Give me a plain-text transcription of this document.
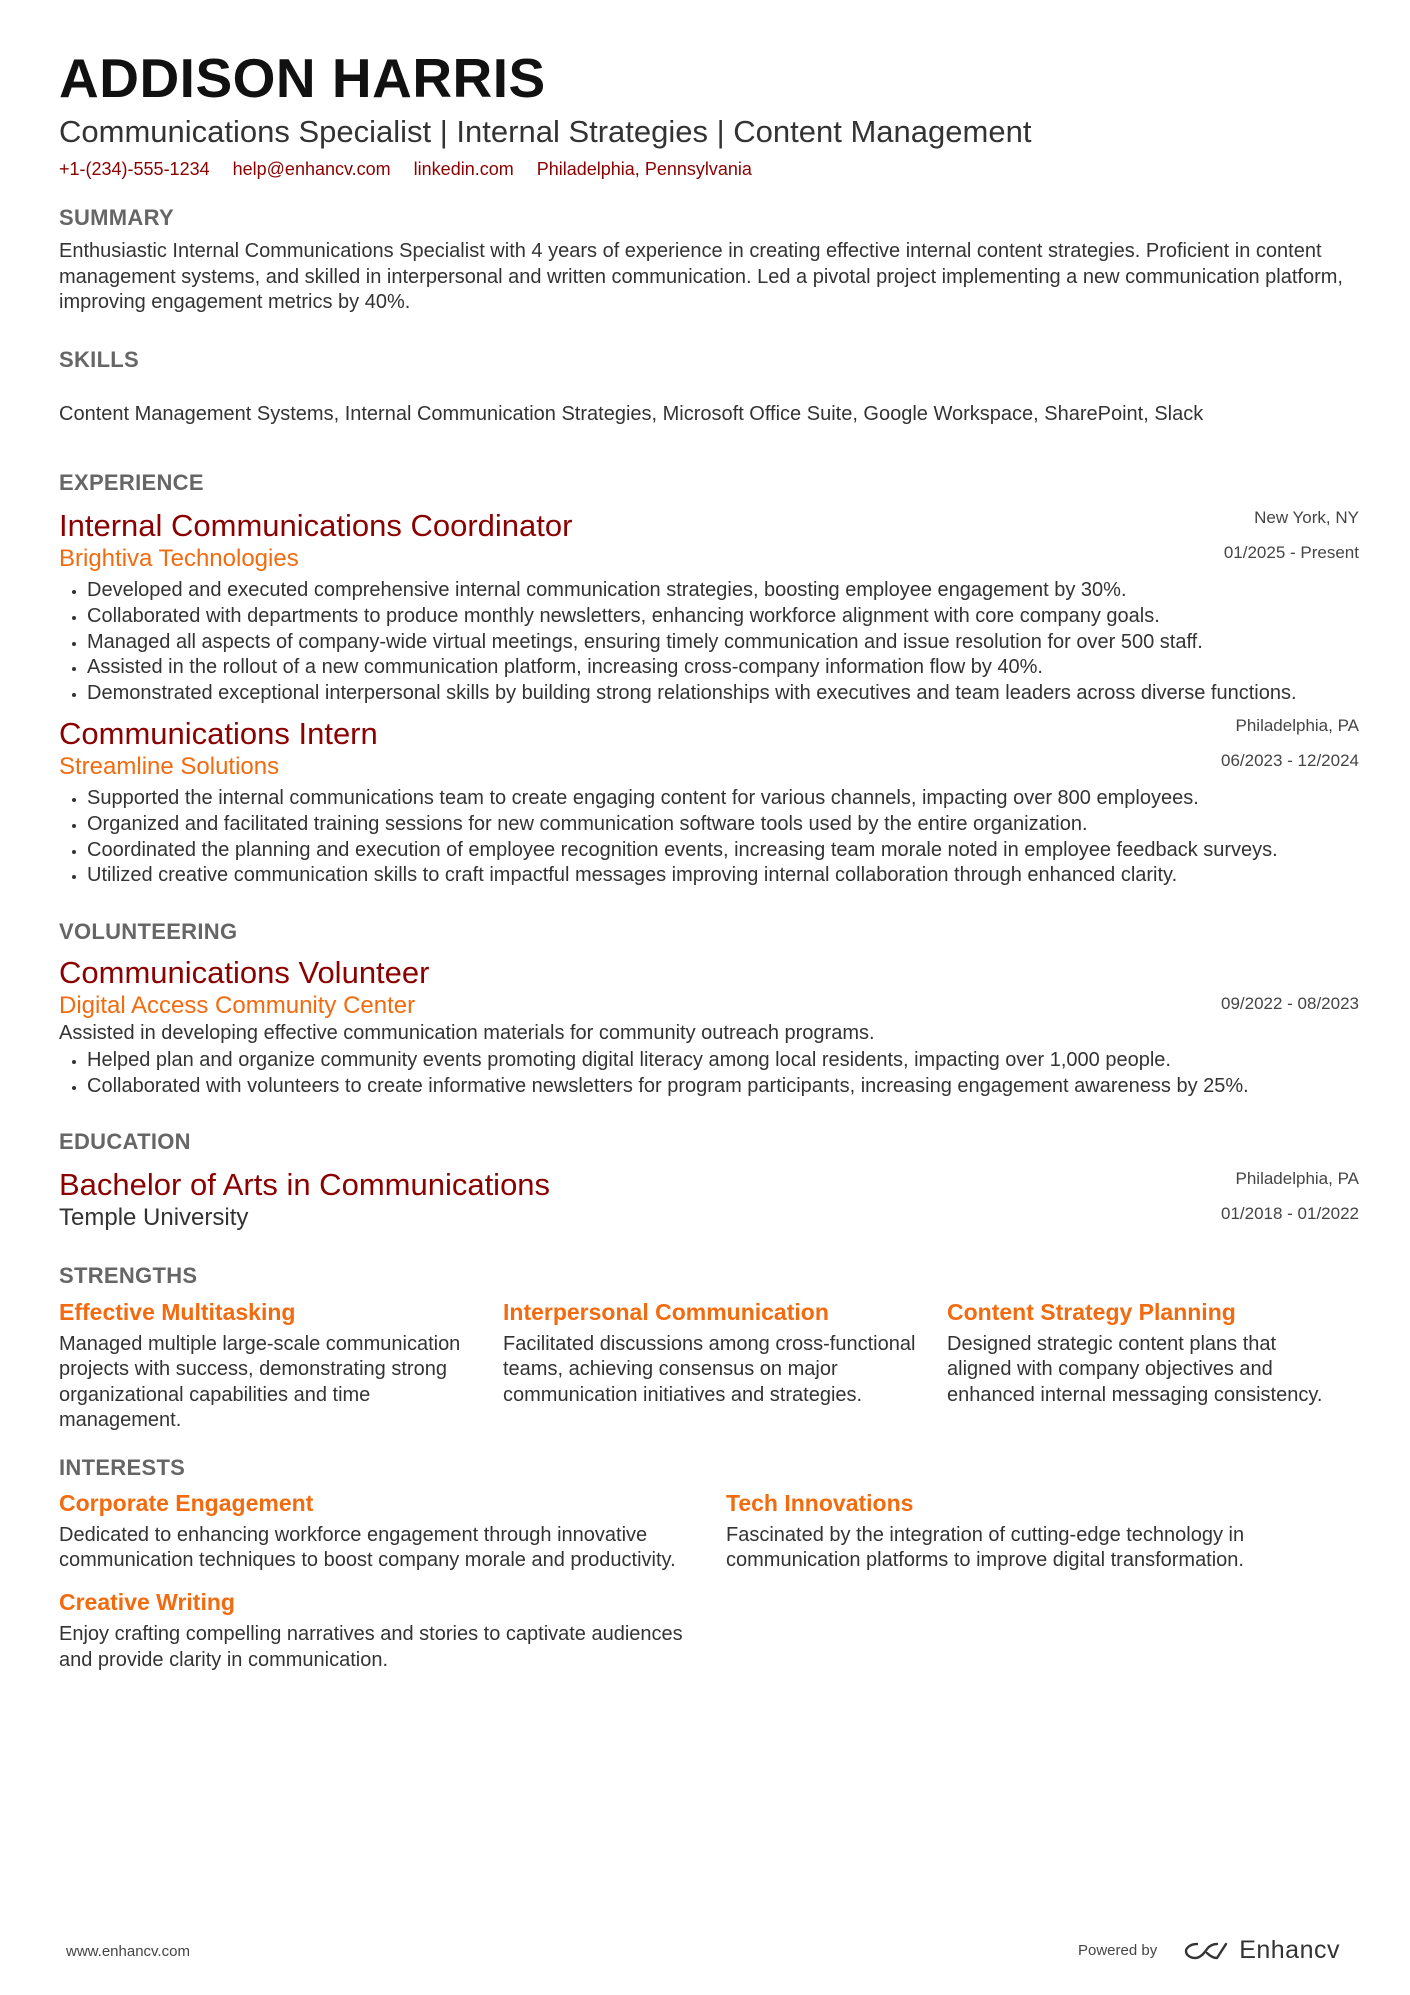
ADDISON HARRIS
Communications Specialist | Internal Strategies | Content Management
+1-(234)-555-1234 help@enhancv.com linkedin.com Philadelphia, Pennsylvania
SUMMARY
Enthusiastic Internal Communications Specialist with 4 years of experience in creating effective internal content strategies. Proficient in content management systems, and skilled in interpersonal and written communication. Led a pivotal project implementing a new communication platform, improving engagement metrics by 40%.
SKILLS
Content Management Systems, Internal Communication Strategies, Microsoft Office Suite, Google Workspace, SharePoint, Slack
EXPERIENCE
Internal Communications Coordinator
Brightiva Technologies
New York, NY
01/2025 - Present
• Developed and executed comprehensive internal communication strategies, boosting employee engagement by 30%.
• Collaborated with departments to produce monthly newsletters, enhancing workforce alignment with core company goals.
• Managed all aspects of company-wide virtual meetings, ensuring timely communication and issue resolution for over 500 staff.
• Assisted in the rollout of a new communication platform, increasing cross-company information flow by 40%.
• Demonstrated exceptional interpersonal skills by building strong relationships with executives and team leaders across diverse functions.
Communications Intern
Streamline Solutions
Philadelphia, PA
06/2023 - 12/2024
• Supported the internal communications team to create engaging content for various channels, impacting over 800 employees.
• Organized and facilitated training sessions for new communication software tools used by the entire organization.
• Coordinated the planning and execution of employee recognition events, increasing team morale noted in employee feedback surveys.
• Utilized creative communication skills to craft impactful messages improving internal collaboration through enhanced clarity.
VOLUNTEERING
Communications Volunteer
Digital Access Community Center	09/2022 - 08/2023
Assisted in developing effective communication materials for community outreach programs.
• Helped plan and organize community events promoting digital literacy among local residents, impacting over 1,000 people.
• Collaborated with volunteers to create informative newsletters for program participants, increasing engagement awareness by 25%.
EDUCATION
Bachelor of Arts in Communications
Temple University
Philadelphia, PA
01/2018 - 01/2022
STRENGTHS
Effective Multitasking
Managed multiple large-scale communication projects with success, demonstrating strong organizational capabilities and time management.
Interpersonal Communication
Facilitated discussions among cross-functional teams, achieving consensus on major communication initiatives and strategies.
Content Strategy Planning
Designed strategic content plans that aligned with company objectives and enhanced internal messaging consistency.
INTERESTS
Corporate Engagement
Dedicated to enhancing workforce engagement through innovative communication techniques to boost company morale and productivity.
Tech Innovations
Fascinated by the integration of cutting-edge technology in communication platforms to improve digital transformation.
Creative Writing
Enjoy crafting compelling narratives and stories to captivate audiences and provide clarity in communication.
www.enhancv.com	Powered by	Enhancv
